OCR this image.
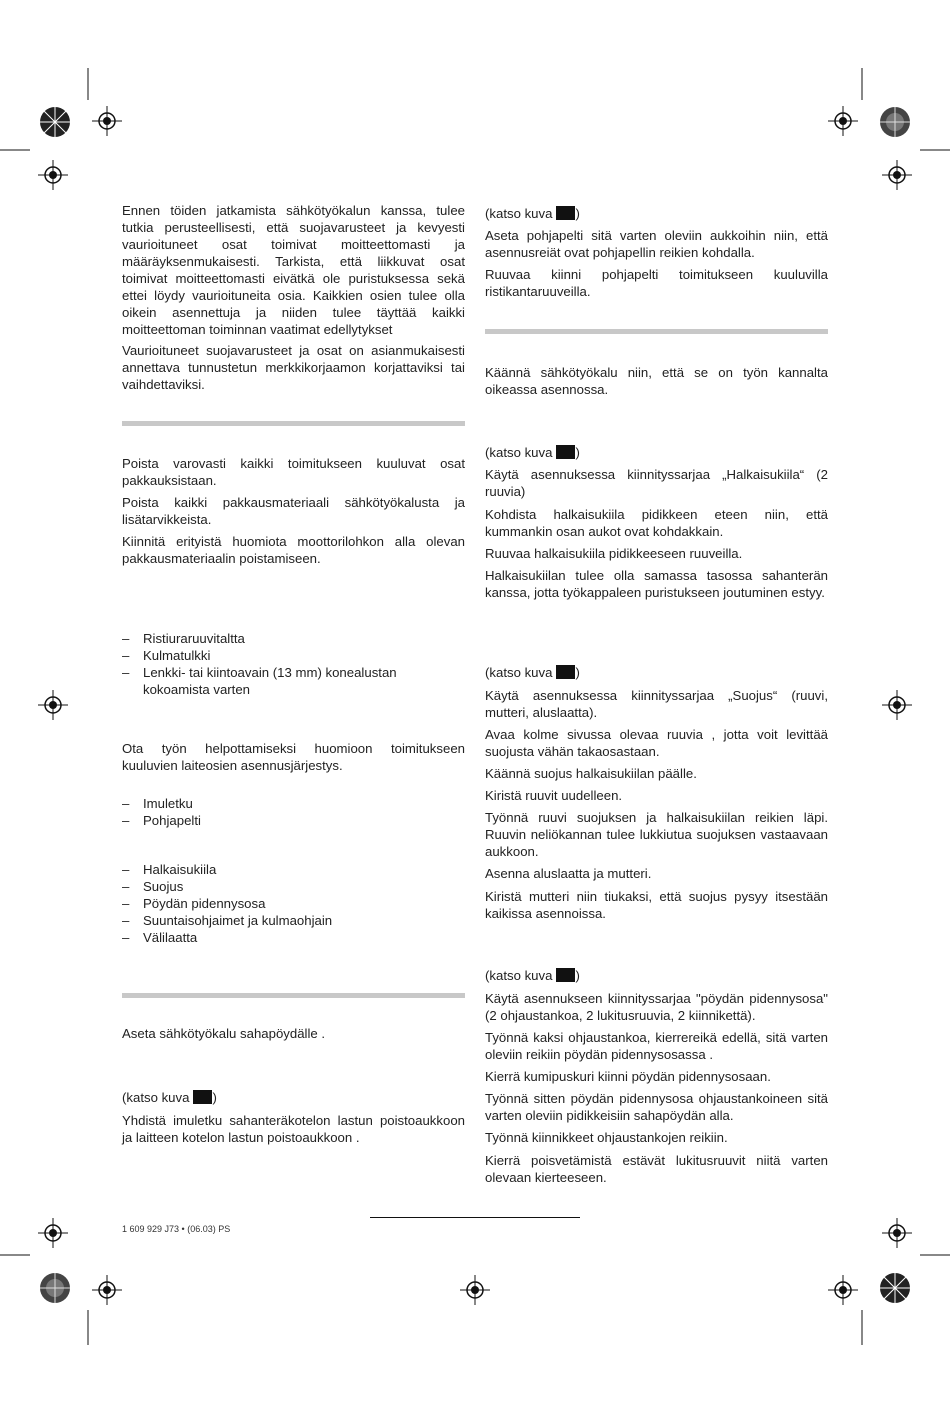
Ennen töiden jatkamista sähkötyökalun kanssa, tulee tutkia perusteellisesti, että suojavarusteet ja kevyesti vaurioituneet osat toimivat moitteettomasti ja määräyksenmukaisesti. Tarkista, että liikkuvat osat toimivat moitteettomasti eivätkä ole puristuksessa sekä ettei löydy vaurioituneita osia. Kaikkien osien tulee olla oikein asennettuja ja niiden tulee täyttää kaikki moitteettoman toiminnan vaatimat edellytykset

Vaurioituneet suojavarusteet ja osat on asianmukaisesti annettava tunnustetun merkkikorjaamon korjattaviksi tai vaihdettaviksi.

Poista varovasti kaikki toimitukseen kuuluvat osat pakkauksistaan.

Poista kaikki pakkausmateriaali sähkötyökalusta ja lisätarvikkeista.

Kiinnitä erityistä huomiota moottorilohkon alla olevan pakkausmateriaalin poistamiseen.

– Ristiuraruuvitaltta
– Kulmatulkki
– Lenkki- tai kiintoavain (13 mm) konealustan kokoamista varten

Ota työn helpottamiseksi huomioon toimitukseen kuuluvien laiteosien asennusjärjestys.

– Imuletku
– Pohjapelti
– Halkaisukiila
– Suojus
– Pöydän pidennysosa
– Suuntaisohjaimet ja kulmaohjain
– Välilaatta

Aseta sähkötyökalu sahapöydälle .

(katso kuva )

Yhdistä imuletku sahanteräkotelon lastun poistoaukkoon ja laitteen kotelon lastun poistoaukkoon .

(katso kuva )

Aseta pohjapelti sitä varten oleviin aukkoihin niin, että asennusreiät ovat pohjapellin reikien kohdalla.

Ruuvaa kiinni pohjapelti toimitukseen kuuluvilla ristikantaruuveilla.

Käännä sähkötyökalu niin, että se on työn kannalta oikeassa asennossa.

(katso kuva )

Käytä asennuksessa kiinnityssarjaa „Halkaisukiila“ (2 ruuvia)

Kohdista halkaisukiila pidikkeen eteen niin, että kummankin osan aukot ovat kohdakkain.

Ruuvaa halkaisukiila pidikkeeseen ruuveilla.

Halkaisukiilan tulee olla samassa tasossa sahanterän kanssa, jotta työkappaleen puristukseen joutuminen estyy.

(katso kuva )

Käytä asennuksessa kiinnityssarjaa „Suojus“ (ruuvi, mutteri, aluslaatta).

Avaa kolme sivussa olevaa ruuvia , jotta voit levittää suojusta vähän takaosastaan.

Käännä suojus halkaisukiilan päälle.

Kiristä ruuvit uudelleen.

Työnnä ruuvi suojuksen ja halkaisukiilan reikien läpi. Ruuvin neliökannan tulee lukkiutua suojuksen vastaavaan aukkoon.

Asenna aluslaatta ja mutteri.

Kiristä mutteri niin tiukaksi, että suojus pysyy itsestään kaikissa asennoissa.

(katso kuva )

Käytä asennukseen kiinnityssarjaa "pöydän pidennysosa" (2 ohjaustankoa, 2 lukitusruuvia, 2 kiinnikettä).

Työnnä kaksi ohjaustankoa, kierrereikä edellä, sitä varten oleviin reikiin pöydän pidennysosassa .

Kierrä kumipuskuri kiinni pöydän pidennysosaan.

Työnnä sitten pöydän pidennysosa ohjaustankoineen sitä varten oleviin pidikkeisiin sahapöydän alla.

Työnnä kiinnikkeet ohjaustankojen reikiin.

Kierrä poisvetämistä estävät lukitusruuvit niitä varten olevaan kierteeseen.

1 609 929 J73 • (06.03) PS
